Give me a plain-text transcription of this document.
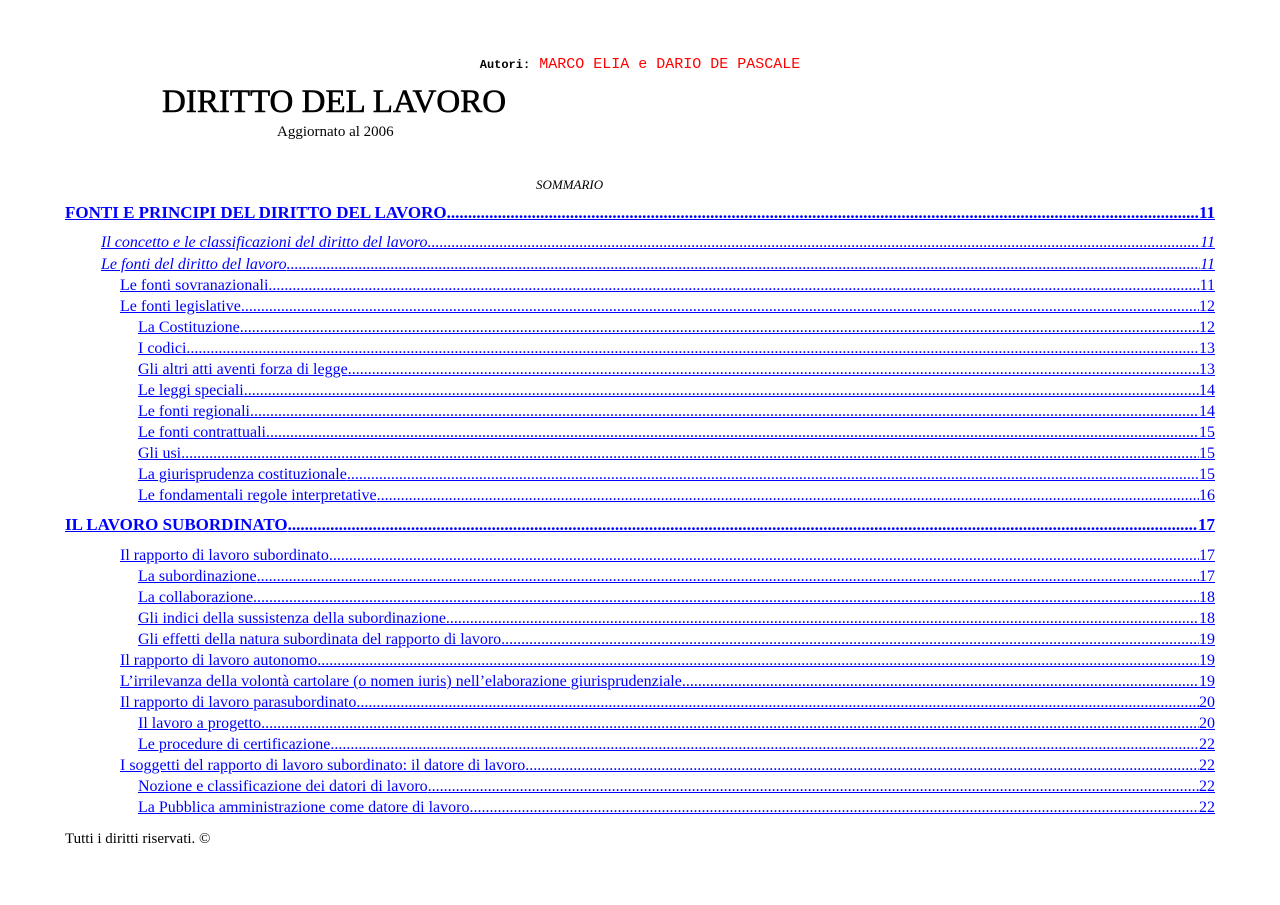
Autori: MARCO ELIA e DARIO DE PASCALE
DIRITTO DEL LAVORO
Aggiornato al 2006
SOMMARIO
FONTI E PRINCIPI DEL DIRITTO DEL LAVORO .....	11
Il concetto e le classificazioni del diritto del lavoro .....	11
Le fonti del diritto del lavoro .....	11
Le fonti sovranazionali .....	11
Le fonti legislative .....	12
La Costituzione .....	12
I codici .....	13
Gli altri atti aventi forza di legge .....	13
Le leggi speciali .....	14
Le fonti regionali .....	14
Le fonti contrattuali .....	15
Gli usi .....	15
La giurisprudenza costituzionale .....	15
Le fondamentali regole interpretative .....	16
IL LAVORO SUBORDINATO .....	17
Il rapporto di lavoro subordinato .....	17
La subordinazione .....	17
La collaborazione .....	18
Gli indici della sussistenza della subordinazione .....	18
Gli effetti della natura subordinata del rapporto di lavoro .....	19
Il rapporto di lavoro autonomo .....	19
L’irrilevanza della volontà cartolare (o nomen iuris) nell’elaborazione giurisprudenziale .....	19
Il rapporto di lavoro parasubordinato .....	20
Il lavoro a progetto .....	20
Le procedure di certificazione .....	22
I soggetti del rapporto di lavoro subordinato: il datore di lavoro .....	22
Nozione e classificazione dei datori di lavoro .....	22
La Pubblica amministrazione come datore di lavoro .....	22
Tutti i diritti riservati. ©
